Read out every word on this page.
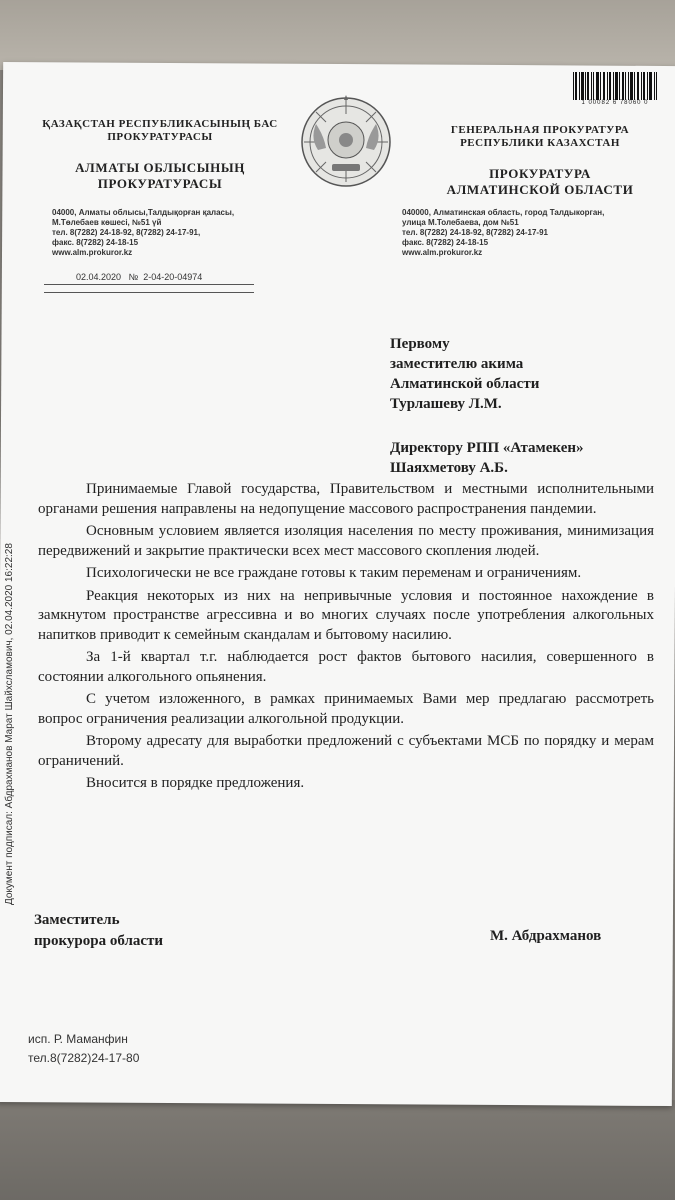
Документ подписал: Абдрахманов Марат Шайхсламович, 02.04.2020 16:22:28
1 00082 6 78060 0
ҚАЗАҚСТАН РЕСПУБЛИКАСЫНЫҢ БАС
ПРОКУРАТУРАСЫ
АЛМАТЫ ОБЛЫСЫНЫҢ
ПРОКУРАТУРАСЫ
ГЕНЕРАЛЬНАЯ ПРОКУРАТУРА
РЕСПУБЛИКИ КАЗАХСТАН
ПРОКУРАТУРА
АЛМАТИНСКОЙ ОБЛАСТИ
04000, Алматы облысы,Талдықорған қаласы,
М.Төлебаев көшесі, №51 үй
тел. 8(7282) 24-18-92, 8(7282) 24-17-91,
факс. 8(7282) 24-18-15
www.alm.prokuror.kz
040000, Алматинская область, город Талдыкорган,
улица М.Толебаева, дом №51
тел. 8(7282) 24-18-92, 8(7282) 24-17-91
факс. 8(7282) 24-18-15
www.alm.prokuror.kz
02.04.2020 № 2-04-20-04974
Первому
заместителю акима
Алматинской области
Турлашеву Л.М.
Директору РПП «Атамекен»
Шаяхметову А.Б.

Принимаемые Главой государства, Правительством и местными исполнительными органами решения направлены на недопущение массового распространения пандемии.

Основным условием является изоляция населения по месту проживания, минимизация передвижений и закрытие практически всех мест массового скопления людей.

Психологически не все граждане готовы к таким переменам и ограничениям.

Реакция некоторых из них на непривычные условия и постоянное нахождение в замкнутом пространстве агрессивна и во многих случаях после употребления алкогольных напитков приводит к семейным скандалам и бытовому насилию.

За 1-й квартал т.г. наблюдается рост фактов бытового насилия, совершенного в состоянии алкогольного опьянения.

С учетом изложенного, в рамках принимаемых Вами мер предлагаю рассмотреть вопрос ограничения реализации алкогольной продукции.

Второму адресату для выработки предложений с субъектами МСБ по порядку и мерам ограничений.

Вносится в порядке предложения.

Заместитель
прокурора области	М. Абдрахманов
исп. Р. Маманфин
тел.8(7282)24-17-80
